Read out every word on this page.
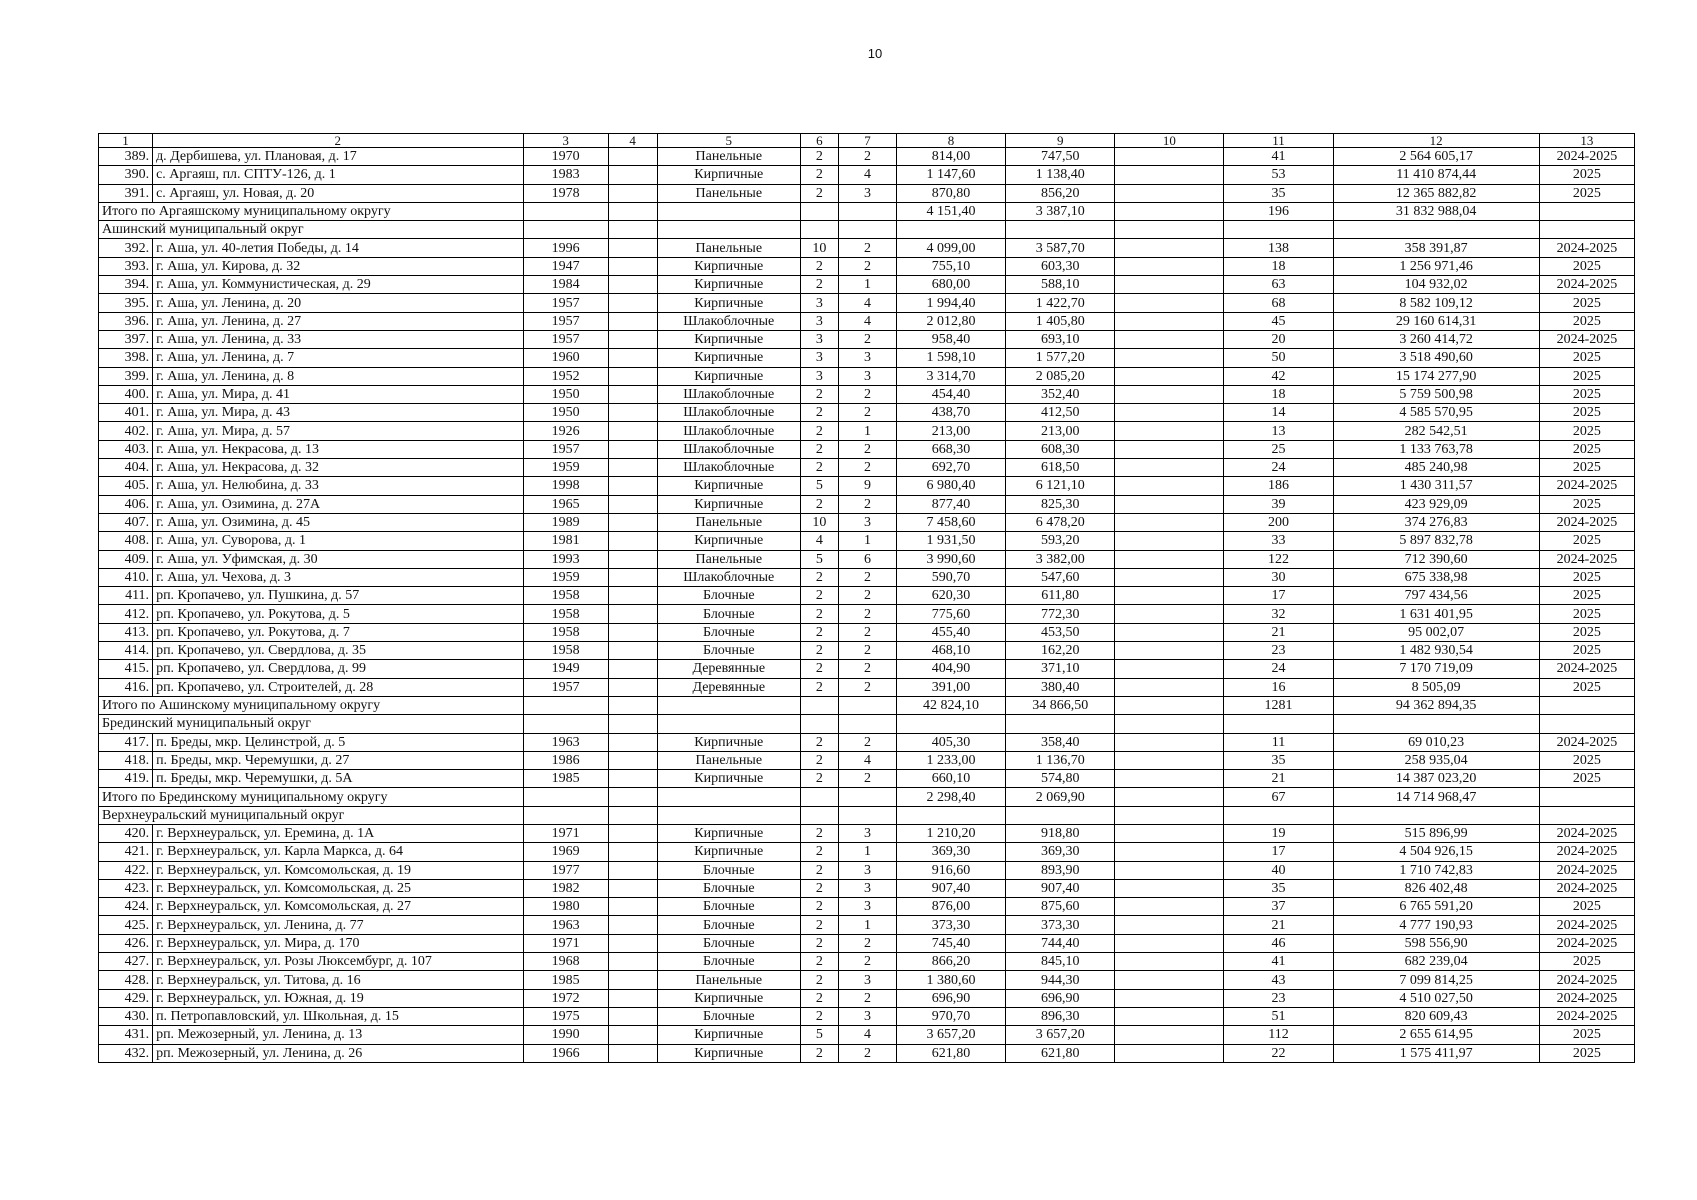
10
1	2	3	4	5	6	7	8	9	10	11	12	13
389.	д. Дербишева, ул. Плановая, д. 17	1970		Панельные	2	2	814,00	747,50		41	2 564 605,17	2024-2025
390.	с. Аргаяш, пл. СПТУ-126, д. 1	1983		Кирпичные	2	4	1 147,60	1 138,40		53	11 410 874,44	2025
391.	с. Аргаяш, ул. Новая, д. 20	1978		Панельные	2	3	870,80	856,20		35	12 365 882,82	2025
Итого по Аргаяшскому муниципальному округу							4 151,40	3 387,10		196	31 832 988,04	
Ашинский муниципальный округ												
392.	г. Аша, ул. 40-летия Победы, д. 14	1996		Панельные	10	2	4 099,00	3 587,70		138	358 391,87	2024-2025
393.	г. Аша, ул. Кирова, д. 32	1947		Кирпичные	2	2	755,10	603,30		18	1 256 971,46	2025
394.	г. Аша, ул. Коммунистическая, д. 29	1984		Кирпичные	2	1	680,00	588,10		63	104 932,02	2024-2025
395.	г. Аша, ул. Ленина, д. 20	1957		Кирпичные	3	4	1 994,40	1 422,70		68	8 582 109,12	2025
396.	г. Аша, ул. Ленина, д. 27	1957		Шлакоблочные	3	4	2 012,80	1 405,80		45	29 160 614,31	2025
397.	г. Аша, ул. Ленина, д. 33	1957		Кирпичные	3	2	958,40	693,10		20	3 260 414,72	2024-2025
398.	г. Аша, ул. Ленина, д. 7	1960		Кирпичные	3	3	1 598,10	1 577,20		50	3 518 490,60	2025
399.	г. Аша, ул. Ленина, д. 8	1952		Кирпичные	3	3	3 314,70	2 085,20		42	15 174 277,90	2025
400.	г. Аша, ул. Мира, д. 41	1950		Шлакоблочные	2	2	454,40	352,40		18	5 759 500,98	2025
401.	г. Аша, ул. Мира, д. 43	1950		Шлакоблочные	2	2	438,70	412,50		14	4 585 570,95	2025
402.	г. Аша, ул. Мира, д. 57	1926		Шлакоблочные	2	1	213,00	213,00		13	282 542,51	2025
403.	г. Аша, ул. Некрасова, д. 13	1957		Шлакоблочные	2	2	668,30	608,30		25	1 133 763,78	2025
404.	г. Аша, ул. Некрасова, д. 32	1959		Шлакоблочные	2	2	692,70	618,50		24	485 240,98	2025
405.	г. Аша, ул. Нелюбина, д. 33	1998		Кирпичные	5	9	6 980,40	6 121,10		186	1 430 311,57	2024-2025
406.	г. Аша, ул. Озимина, д. 27А	1965		Кирпичные	2	2	877,40	825,30		39	423 929,09	2025
407.	г. Аша, ул. Озимина, д. 45	1989		Панельные	10	3	7 458,60	6 478,20		200	374 276,83	2024-2025
408.	г. Аша, ул. Суворова, д. 1	1981		Кирпичные	4	1	1 931,50	593,20		33	5 897 832,78	2025
409.	г. Аша, ул. Уфимская, д. 30	1993		Панельные	5	6	3 990,60	3 382,00		122	712 390,60	2024-2025
410.	г. Аша, ул. Чехова, д. 3	1959		Шлакоблочные	2	2	590,70	547,60		30	675 338,98	2025
411.	рп. Кропачево, ул. Пушкина, д. 57	1958		Блочные	2	2	620,30	611,80		17	797 434,56	2025
412.	рп. Кропачево, ул. Рокутова, д. 5	1958		Блочные	2	2	775,60	772,30		32	1 631 401,95	2025
413.	рп. Кропачево, ул. Рокутова, д. 7	1958		Блочные	2	2	455,40	453,50		21	95 002,07	2025
414.	рп. Кропачево, ул. Свердлова, д. 35	1958		Блочные	2	2	468,10	162,20		23	1 482 930,54	2025
415.	рп. Кропачево, ул. Свердлова, д. 99	1949		Деревянные	2	2	404,90	371,10		24	7 170 719,09	2024-2025
416.	рп. Кропачево, ул. Строителей, д. 28	1957		Деревянные	2	2	391,00	380,40		16	8 505,09	2025
Итого по Ашинскому муниципальному округу							42 824,10	34 866,50		1281	94 362 894,35	
Брединский муниципальный округ												
417.	п. Бреды, мкр. Целинстрой, д. 5	1963		Кирпичные	2	2	405,30	358,40		11	69 010,23	2024-2025
418.	п. Бреды, мкр. Черемушки, д. 27	1986		Панельные	2	4	1 233,00	1 136,70		35	258 935,04	2025
419.	п. Бреды, мкр. Черемушки, д. 5А	1985		Кирпичные	2	2	660,10	574,80		21	14 387 023,20	2025
Итого по Брединскому муниципальному округу							2 298,40	2 069,90		67	14 714 968,47	
Верхнеуральский муниципальный округ												
420.	г. Верхнеуральск, ул. Еремина, д. 1А	1971		Кирпичные	2	3	1 210,20	918,80		19	515 896,99	2024-2025
421.	г. Верхнеуральск, ул. Карла Маркса, д. 64	1969		Кирпичные	2	1	369,30	369,30		17	4 504 926,15	2024-2025
422.	г. Верхнеуральск, ул. Комсомольская, д. 19	1977		Блочные	2	3	916,60	893,90		40	1 710 742,83	2024-2025
423.	г. Верхнеуральск, ул. Комсомольская, д. 25	1982		Блочные	2	3	907,40	907,40		35	826 402,48	2024-2025
424.	г. Верхнеуральск, ул. Комсомольская, д. 27	1980		Блочные	2	3	876,00	875,60		37	6 765 591,20	2025
425.	г. Верхнеуральск, ул. Ленина, д. 77	1963		Блочные	2	1	373,30	373,30		21	4 777 190,93	2024-2025
426.	г. Верхнеуральск, ул. Мира, д. 170	1971		Блочные	2	2	745,40	744,40		46	598 556,90	2024-2025
427.	г. Верхнеуральск, ул. Розы Люксембург, д. 107	1968		Блочные	2	2	866,20	845,10		41	682 239,04	2025
428.	г. Верхнеуральск, ул. Титова, д. 16	1985		Панельные	2	3	1 380,60	944,30		43	7 099 814,25	2024-2025
429.	г. Верхнеуральск, ул. Южная, д. 19	1972		Кирпичные	2	2	696,90	696,90		23	4 510 027,50	2024-2025
430.	п. Петропавловский, ул. Школьная, д. 15	1975		Блочные	2	3	970,70	896,30		51	820 609,43	2024-2025
431.	рп. Межозерный, ул. Ленина, д. 13	1990		Кирпичные	5	4	3 657,20	3 657,20		112	2 655 614,95	2025
432.	рп. Межозерный, ул. Ленина, д. 26	1966		Кирпичные	2	2	621,80	621,80		22	1 575 411,97	2025
